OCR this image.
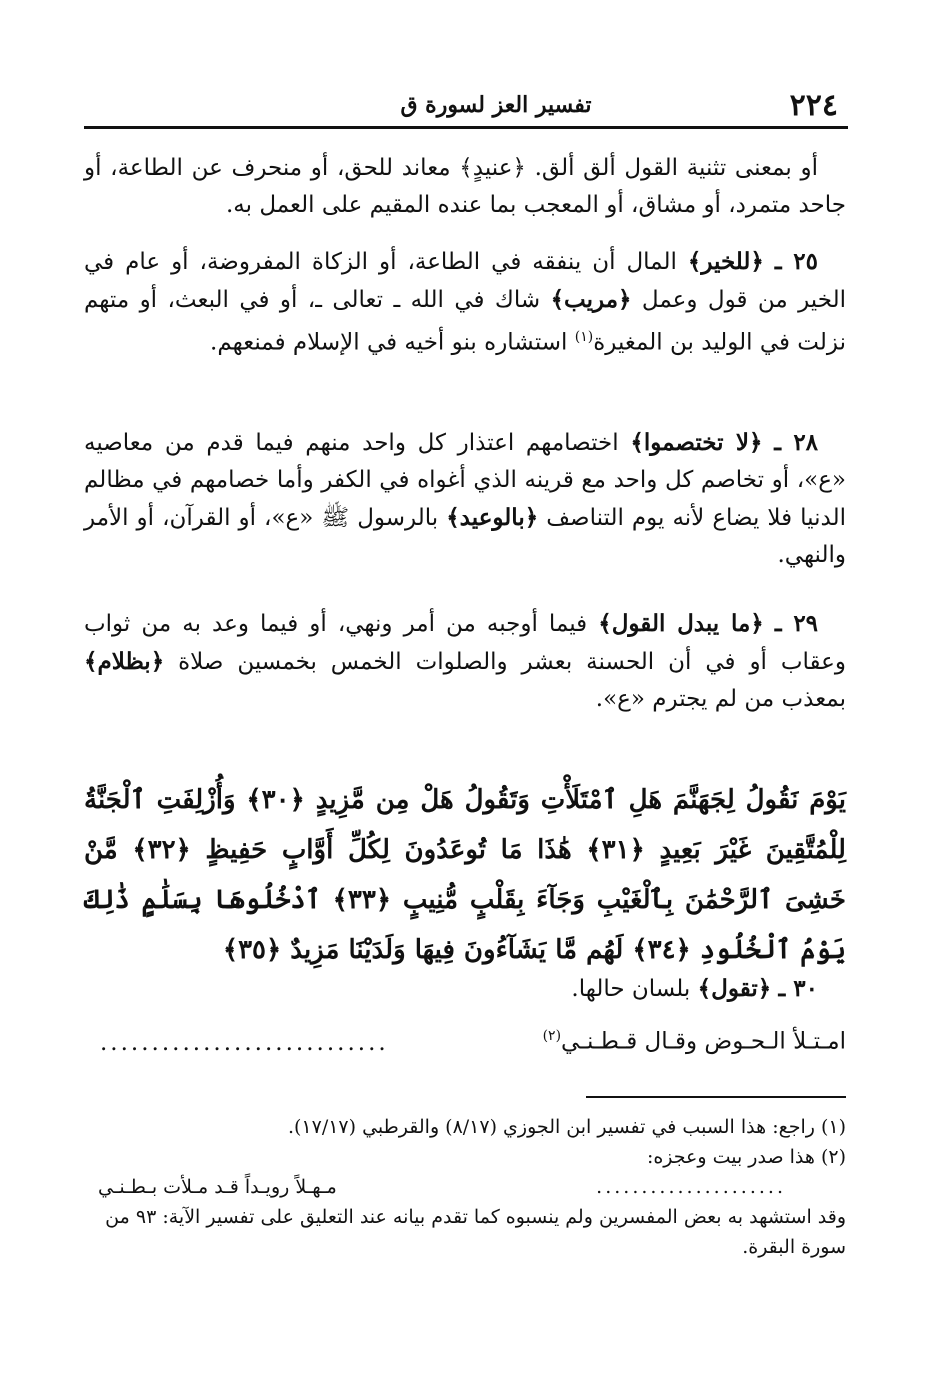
٢٢٤
تفسير العز لسورة ق

أو بمعنى تثنية القول ألق ألق. ﴿عنيدٍ﴾ معاند للحق، أو منحرف عن الطاعة، أو جاحد متمرد، أو مشاق، أو المعجب بما عنده المقيم على العمل به.

٢٥ ـ ﴿للخير﴾ المال أن ينفقه في الطاعة، أو الزكاة المفروضة، أو عام في الخير من قول وعمل ﴿مريب﴾ شاك في الله ـ تعالى ـ، أو في البعث، أو متهم نزلت في الوليد بن المغيرة$^{(١)}$ استشاره بنو أخيه في الإسلام فمنعهم.

٢٨ ـ ﴿لا تختصموا﴾ اختصامهم اعتذار كل واحد منهم فيما قدم من معاصيه «ع»، أو تخاصم كل واحد مع قرينه الذي أغواه في الكفر وأما خصامهم في مظالم الدنيا فلا يضاع لأنه يوم التناصف ﴿بالوعيد﴾ بالرسول ﷺ «ع»، أو القرآن، أو الأمر والنهي.

٢٩ ـ ﴿ما يبدل القول﴾ فيما أوجبه من أمر ونهي، أو فيما وعد به من ثواب وعقاب أو في أن الحسنة بعشر والصلوات الخمس بخمسين صلاة ﴿بظلام﴾ بمعذب من لم يجترم «ع».

يَوْمَ نَقُولُ لِجَهَنَّمَ هَلِ ٱمْتَلَأْتِ وَتَقُولُ هَلْ مِن مَّزِيدٍ ﴿٣٠﴾ وَأُزْلِفَتِ ٱلْجَنَّةُ لِلْمُتَّقِينَ غَيْرَ بَعِيدٍ ﴿٣١﴾ هَٰذَا مَا تُوعَدُونَ لِكُلِّ أَوَّابٍ حَفِيظٍ ﴿٣٢﴾ مَّنْ خَشِىَ ٱلرَّحْمَٰنَ بِٱلْغَيْبِ وَجَآءَ بِقَلْبٍ مُّنِيبٍ ﴿٣٣﴾ ٱدْخُلُوهَا بِسَلَٰمٍ ذَٰلِكَ يَوْمُ ٱلْخُلُودِ ﴿٣٤﴾ لَهُم مَّا يَشَآءُونَ فِيهَا وَلَدَيْنَا مَزِيدٌ ﴿٣٥﴾

٣٠ ـ ﴿تقول﴾ بلسان حالها.

امـتـلأ الـحـوض وقـال قـطـنـي$^{(٢)}$
............................

(١) راجع: هذا السبب في تفسير ابن الجوزي (٨/١٧) والقرطبي (١٧/١٧).

(٢) هذا صدر بيت وعجزه:

مـهـلاً رويـداً قـد مـلأت بـطـنـي	.....................

وقد استشهد به بعض المفسرين ولم ينسبوه كما تقدم بيانه عند التعليق على تفسير الآية: ٩٣ من سورة البقرة.
